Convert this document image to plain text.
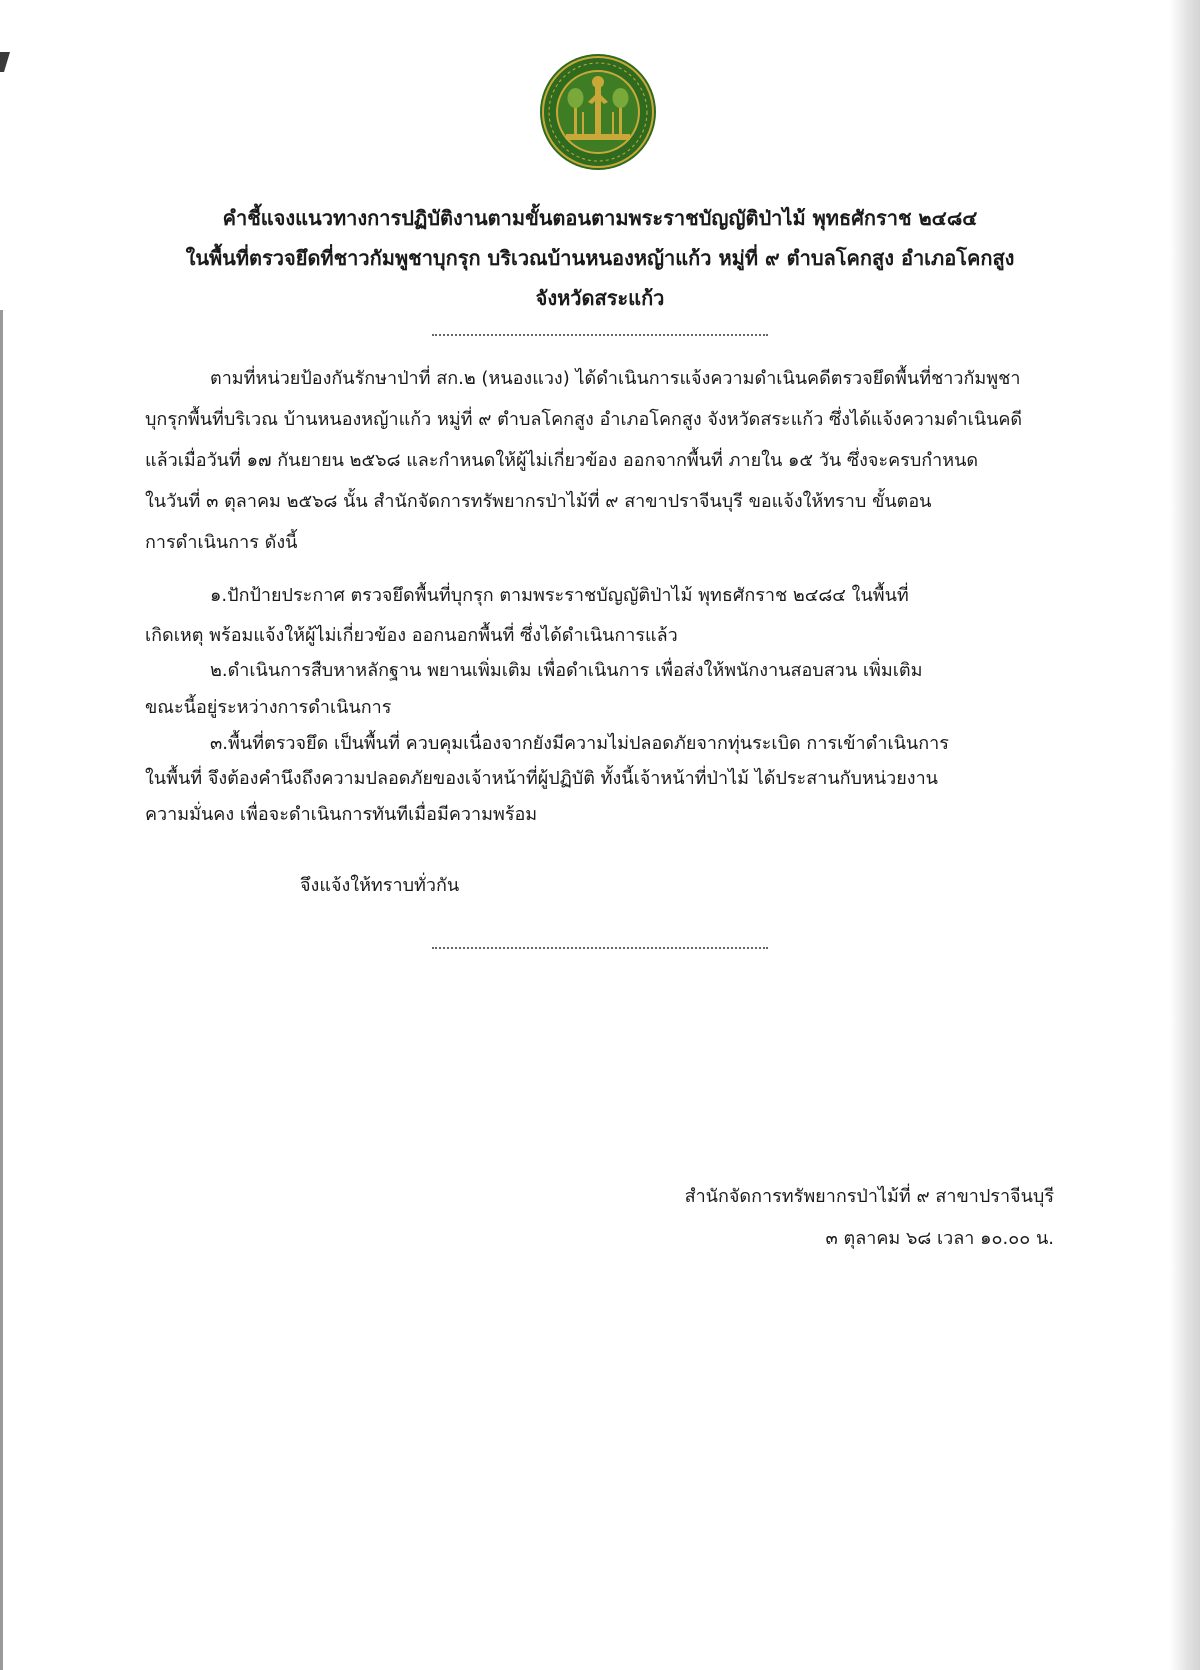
คำชี้แจงแนวทางการปฏิบัติงานตามขั้นตอนตามพระราชบัญญัติป่าไม้ พุทธศักราช ๒๔๘๔
ในพื้นที่ตรวจยึดที่ชาวกัมพูชาบุกรุก บริเวณบ้านหนองหญ้าแก้ว หมู่ที่ ๙ ตำบลโคกสูง อำเภอโคกสูง
จังหวัดสระแก้ว
ตามที่หน่วยป้องกันรักษาป่าที่ สก.๒ (หนองแวง) ได้ดำเนินการแจ้งความดำเนินคดีตรวจยึดพื้นที่ชาวกัมพูชา
บุกรุกพื้นที่บริเวณ บ้านหนองหญ้าแก้ว หมู่ที่ ๙ ตำบลโคกสูง อำเภอโคกสูง จังหวัดสระแก้ว ซึ่งได้แจ้งความดำเนินคดี
แล้วเมื่อวันที่ ๑๗ กันยายน ๒๕๖๘ และกำหนดให้ผู้ไม่เกี่ยวข้อง ออกจากพื้นที่ ภายใน ๑๕ วัน ซึ่งจะครบกำหนด
ในวันที่ ๓ ตุลาคม ๒๕๖๘ นั้น สำนักจัดการทรัพยากรป่าไม้ที่ ๙ สาขาปราจีนบุรี ขอแจ้งให้ทราบ ขั้นตอน
การดำเนินการ ดังนี้
๑.ปักป้ายประกาศ ตรวจยึดพื้นที่บุกรุก ตามพระราชบัญญัติป่าไม้ พุทธศักราช ๒๔๘๔ ในพื้นที่
เกิดเหตุ พร้อมแจ้งให้ผู้ไม่เกี่ยวข้อง ออกนอกพื้นที่ ซึ่งได้ดำเนินการแล้ว
๒.ดำเนินการสืบหาหลักฐาน พยานเพิ่มเติม เพื่อดำเนินการ เพื่อส่งให้พนักงานสอบสวน เพิ่มเติม
ขณะนี้อยู่ระหว่างการดำเนินการ
๓.พื้นที่ตรวจยึด เป็นพื้นที่ ควบคุมเนื่องจากยังมีความไม่ปลอดภัยจากทุ่นระเบิด การเข้าดำเนินการ
ในพื้นที่ จึงต้องคำนึงถึงความปลอดภัยของเจ้าหน้าที่ผู้ปฏิบัติ ทั้งนี้เจ้าหน้าที่ป่าไม้ ได้ประสานกับหน่วยงาน
ความมั่นคง เพื่อจะดำเนินการทันทีเมื่อมีความพร้อม
จึงแจ้งให้ทราบทั่วกัน
สำนักจัดการทรัพยากรป่าไม้ที่ ๙ สาขาปราจีนบุรี
๓ ตุลาคม ๖๘ เวลา ๑๐.๐๐ น.
